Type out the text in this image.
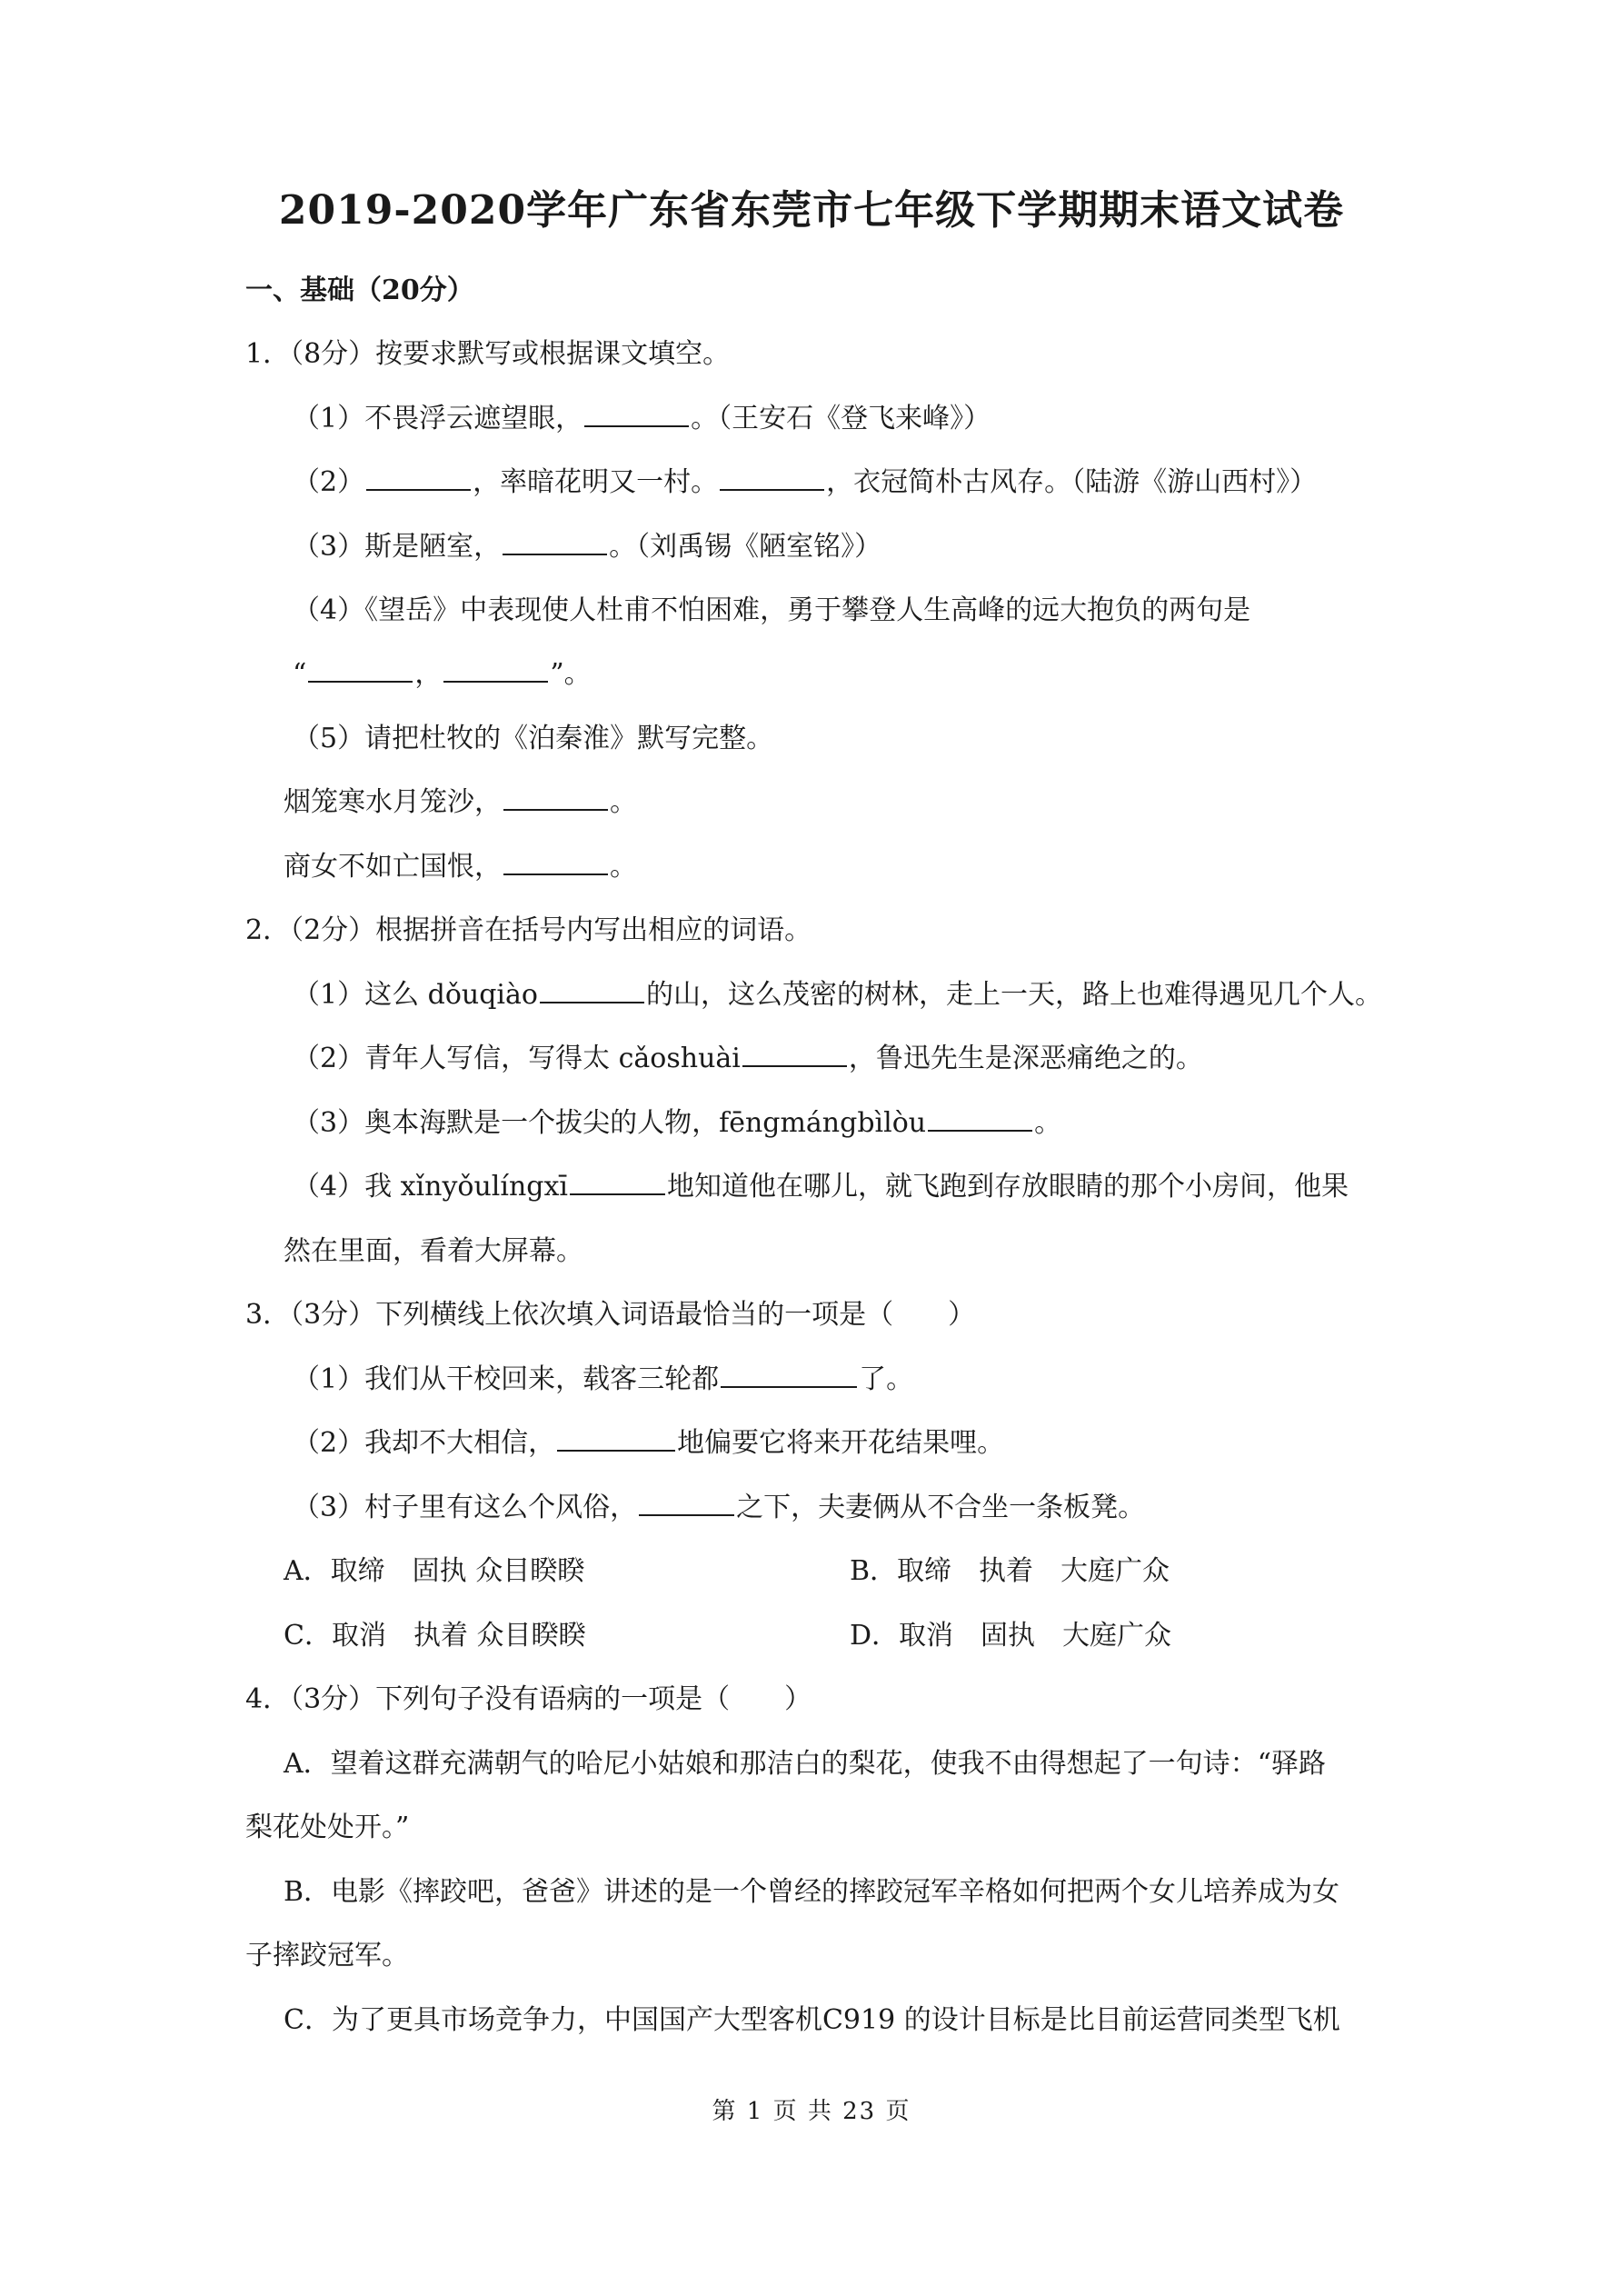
2019-2020学年广东省东莞市七年级下学期期末语文试卷
一、基础（20分）
1．（8分）按要求默写或根据课文填空。
（1）不畏浮云遮望眼，	。（王安石《登飞来峰》）
（2）	，率暗花明又一村。	，衣冠简朴古风存。（陆游《游山西村》）
（3）斯是陋室，	。（刘禹锡《陋室铭》）
（4）《望岳》中表现使人杜甫不怕困难，勇于攀登人生高峰的远大抱负的两句是
“	，	”。
（5）请把杜牧的《泊秦淮》默写完整。
烟笼寒水月笼沙，	。
商女不如亡国恨，	。
2．（2分）根据拼音在括号内写出相应的词语。
（1）这么 dǒuqiào	的山，这么茂密的树林，走上一天，路上也难得遇见几个人。
（2）青年人写信，写得太 cǎoshuài	，鲁迅先生是深恶痛绝之的。
（3）奥本海默是一个拔尖的人物，fēngmángbìlòu	。
（4）我 xǐnyǒulíngxī	地知道他在哪儿，就飞跑到存放眼睛的那个小房间，他果
然在里面，看着大屏幕。
3．（3分）下列横线上依次填入词语最恰当的一项是（　　）
（1）我们从干校回来，载客三轮都	了。
（2）我却不大相信，	地偏要它将来开花结果哩。
（3）村子里有这么个风俗，	之下，夫妻俩从不合坐一条板凳。
A．取缔　固执 众目睽睽	B．取缔　执着　大庭广众
C．取消　执着 众目睽睽	D．取消　固执　大庭广众
4．（3分）下列句子没有语病的一项是（　　）
A．望着这群充满朝气的哈尼小姑娘和那洁白的梨花，使我不由得想起了一句诗：“驿路
梨花处处开。”
B．电影《摔跤吧，爸爸》讲述的是一个曾经的摔跤冠军辛格如何把两个女儿培养成为女
子摔跤冠军。
C．为了更具市场竞争力，中国国产大型客机C919 的设计目标是比目前运营同类型飞机
第 1 页 共 23 页
